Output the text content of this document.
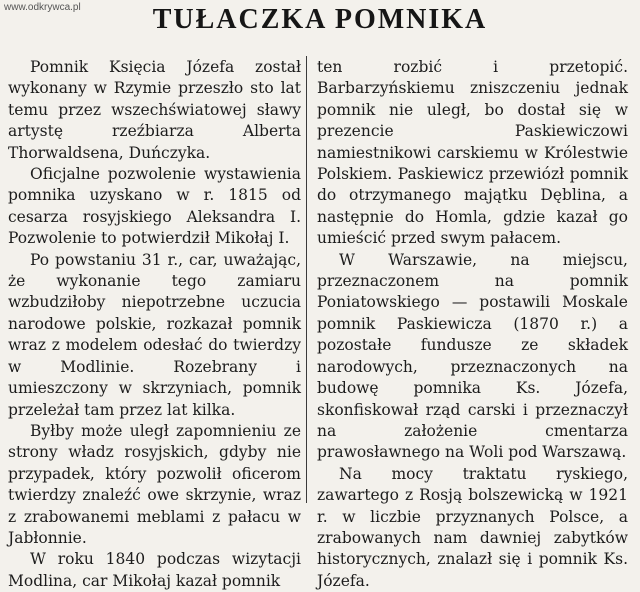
www.odkrywca.pl	TUŁACZKA POMNIKA

Pomnik Księcia Józefa został wykonany w Rzymie przeszło sto lat temu przez wszechświatowej sławy artystę rzeźbiarza Alberta Thorwaldsena, Duńczyka.

Oficjalne pozwolenie wystawienia pomnika uzyskano w r. 1815 od cesarza rosyjskiego Aleksandra I. Pozwolenie to potwierdził Mikołaj I.

Po powstaniu 31 r., car, uważając, że wykonanie tego zamiaru wzbudziłoby niepotrzebne uczucia narodowe polskie, rozkazał pomnik wraz z modelem odesłać do twierdzy w Modlinie. Rozebrany i umieszczony w skrzyniach, pomnik przeleżał tam przez lat kilka.

Byłby może uległ zapomnieniu ze strony władz rosyjskich, gdyby nie przypadek, który pozwolił oficerom twierdzy znaleźć owe skrzynie, wraz z zrabowanemi meblami z pałacu w Jabłonnie.

W roku 1840 podczas wizytacji Modlina, car Mikołaj kazał pomnik

ten rozbić i przetopić. Barbarzyńskiemu zniszczeniu jednak pomnik nie uległ, bo dostał się w prezencie Paskiewiczowi namiestnikowi carskiemu w Królestwie Polskiem. Paskiewicz przewiózł pomnik do otrzymanego majątku Dęblina, a następnie do Homla, gdzie kazał go umieścić przed swym pałacem.

W Warszawie, na miejscu, przeznaczonem na pomnik Poniatowskiego — postawili Moskale pomnik Paskiewicza (1870 r.) a pozostałe fundusze ze składek narodowych, przeznaczonych na budowę pomnika Ks. Józefa, skonfiskował rząd carski i przeznaczył na założenie cmentarza prawosławnego na Woli pod Warszawą.

Na mocy traktatu ryskiego, zawartego z Rosją bolszewicką w 1921 r. w liczbie przyznanych Polsce, a zrabowanych nam dawniej zabytków historycznych, znalazł się i pomnik Ks. Józefa.
